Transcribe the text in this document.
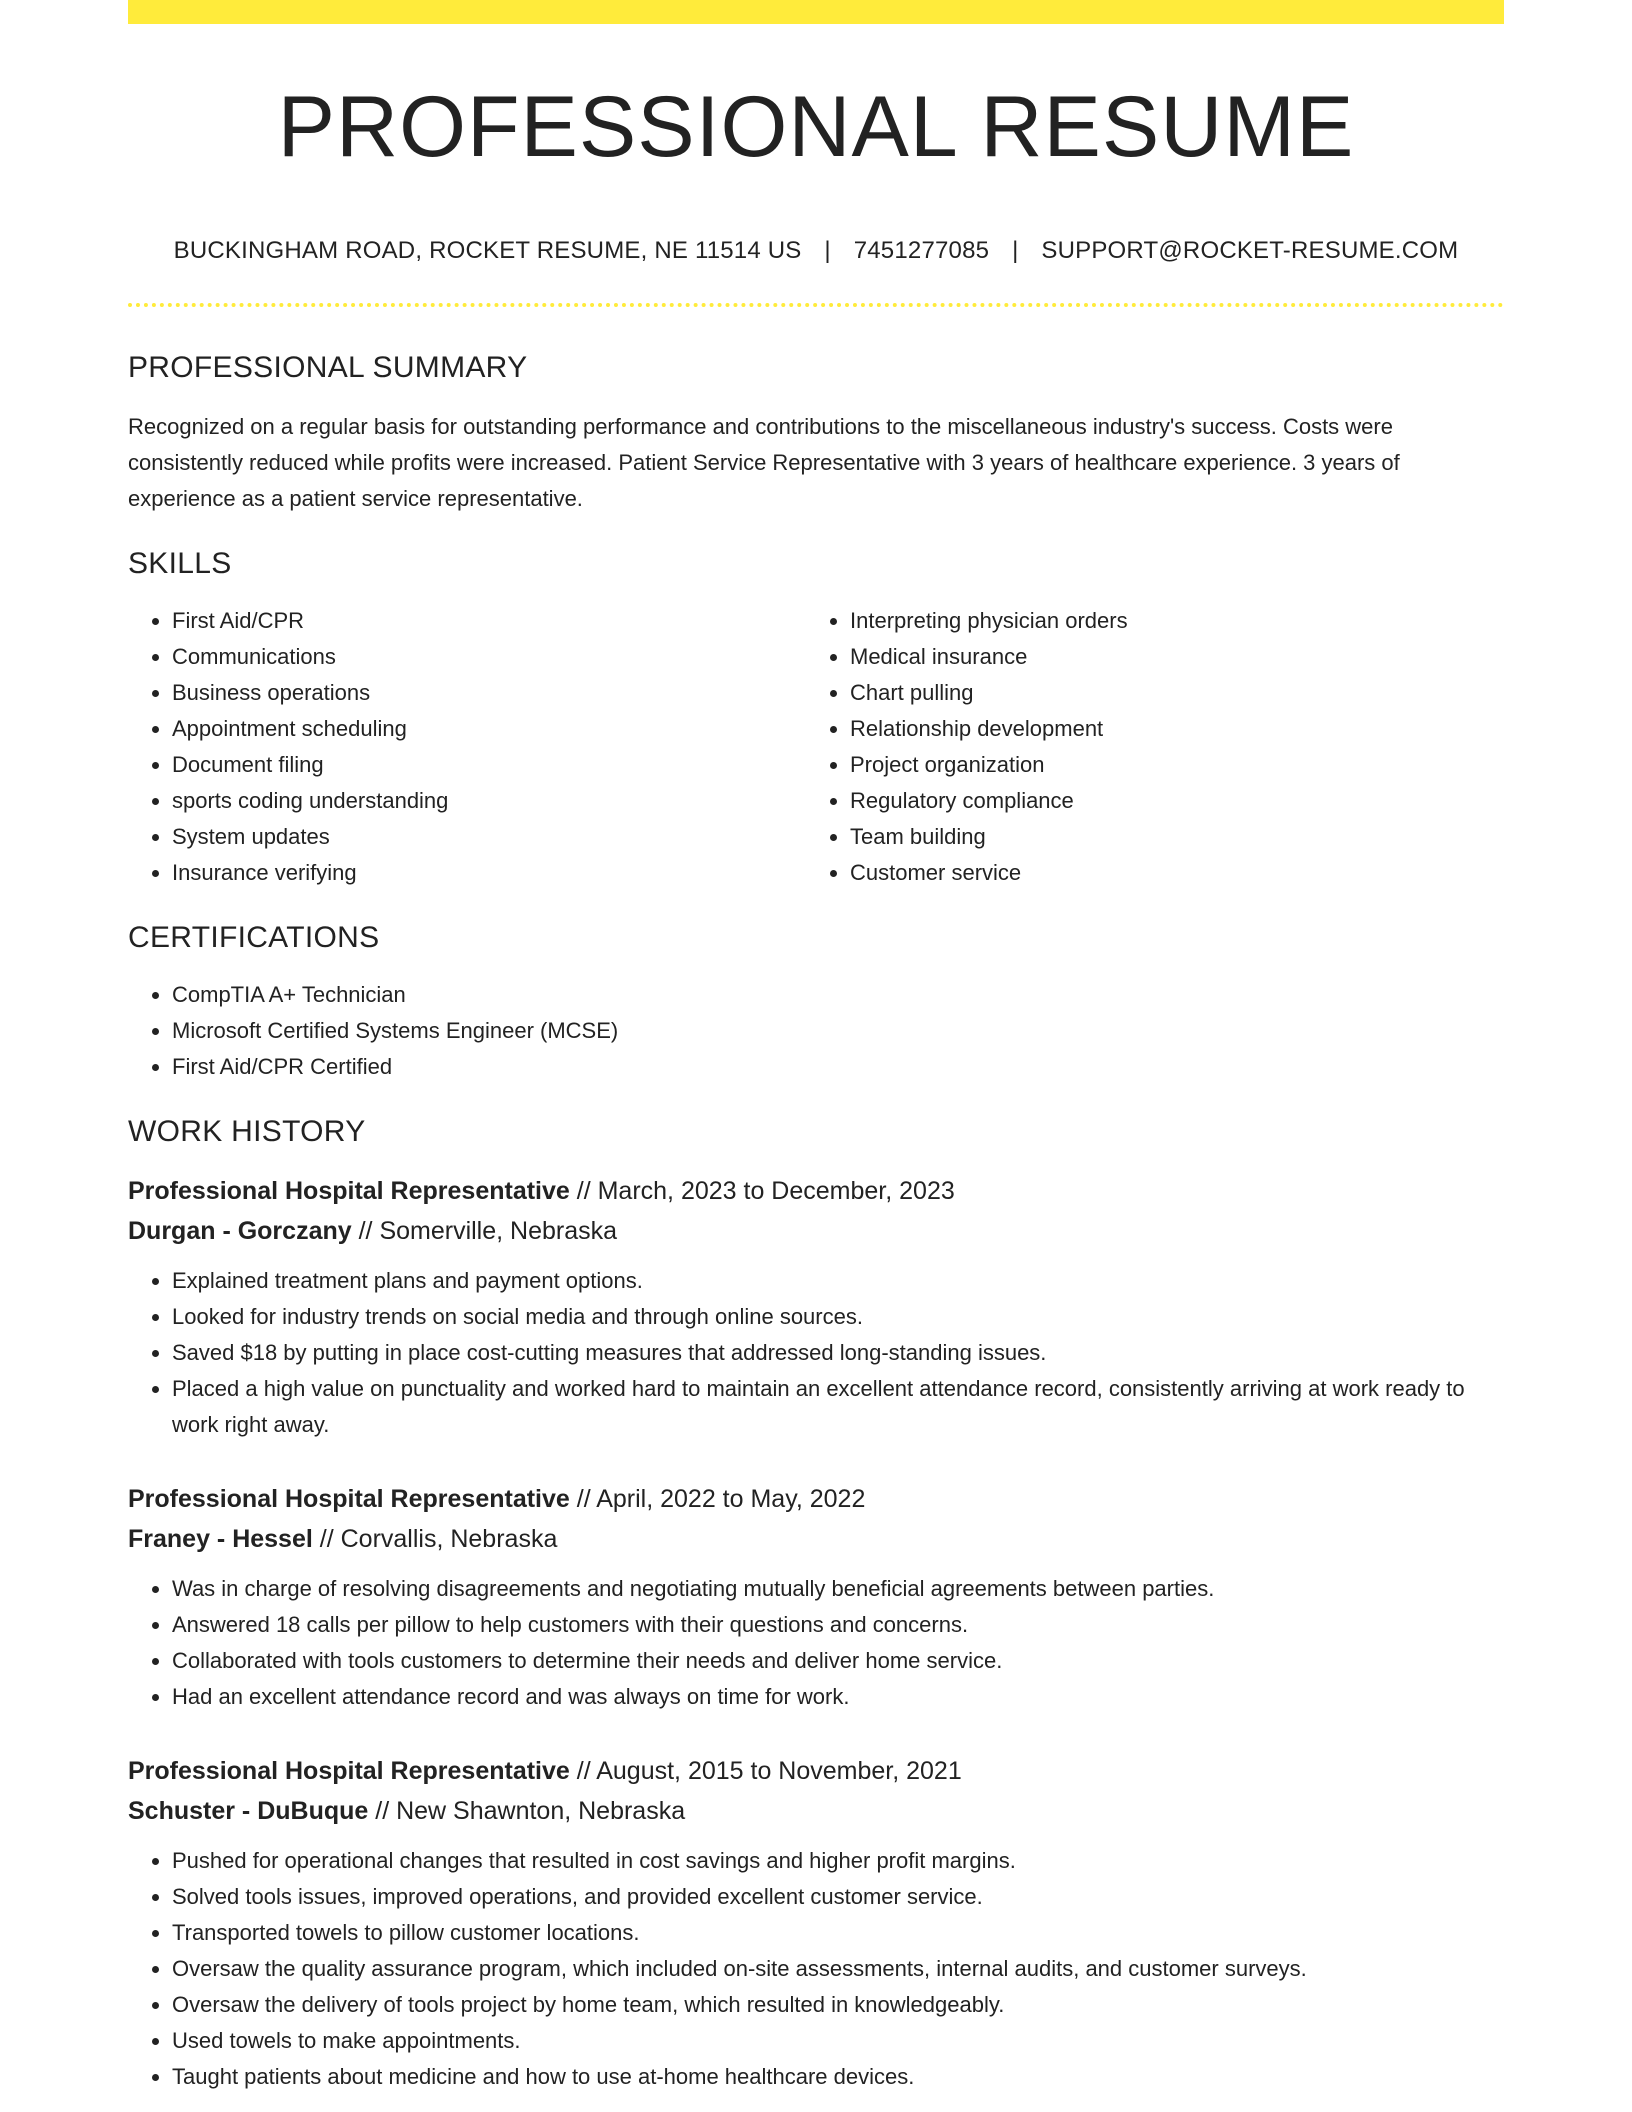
PROFESSIONAL RESUME
BUCKINGHAM ROAD, ROCKET RESUME, NE 11514 US | 7451277085 | SUPPORT@ROCKET-RESUME.COM
PROFESSIONAL SUMMARY

Recognized on a regular basis for outstanding performance and contributions to the miscellaneous industry's success. Costs were consistently reduced while profits were increased. Patient Service Representative with 3 years of healthcare experience. 3 years of experience as a patient service representative.

SKILLS
• First Aid/CPR
• Communications
• Business operations
• Appointment scheduling
• Document filing
• sports coding understanding
• System updates
• Insurance verifying
• Interpreting physician orders
• Medical insurance
• Chart pulling
• Relationship development
• Project organization
• Regulatory compliance
• Team building
• Customer service
CERTIFICATIONS
• CompTIA A+ Technician
• Microsoft Certified Systems Engineer (MCSE)
• First Aid/CPR Certified
WORK HISTORY
Professional Hospital Representative // March, 2023 to December, 2023
Durgan - Gorczany // Somerville, Nebraska
• Explained treatment plans and payment options.
• Looked for industry trends on social media and through online sources.
• Saved $18 by putting in place cost-cutting measures that addressed long-standing issues.
• Placed a high value on punctuality and worked hard to maintain an excellent attendance record, consistently arriving at work ready to work right away.
Professional Hospital Representative // April, 2022 to May, 2022
Franey - Hessel // Corvallis, Nebraska
• Was in charge of resolving disagreements and negotiating mutually beneficial agreements between parties.
• Answered 18 calls per pillow to help customers with their questions and concerns.
• Collaborated with tools customers to determine their needs and deliver home service.
• Had an excellent attendance record and was always on time for work.
Professional Hospital Representative // August, 2015 to November, 2021
Schuster - DuBuque // New Shawnton, Nebraska
• Pushed for operational changes that resulted in cost savings and higher profit margins.
• Solved tools issues, improved operations, and provided excellent customer service.
• Transported towels to pillow customer locations.
• Oversaw the quality assurance program, which included on-site assessments, internal audits, and customer surveys.
• Oversaw the delivery of tools project by home team, which resulted in knowledgeably.
• Used towels to make appointments.
• Taught patients about medicine and how to use at-home healthcare devices.
